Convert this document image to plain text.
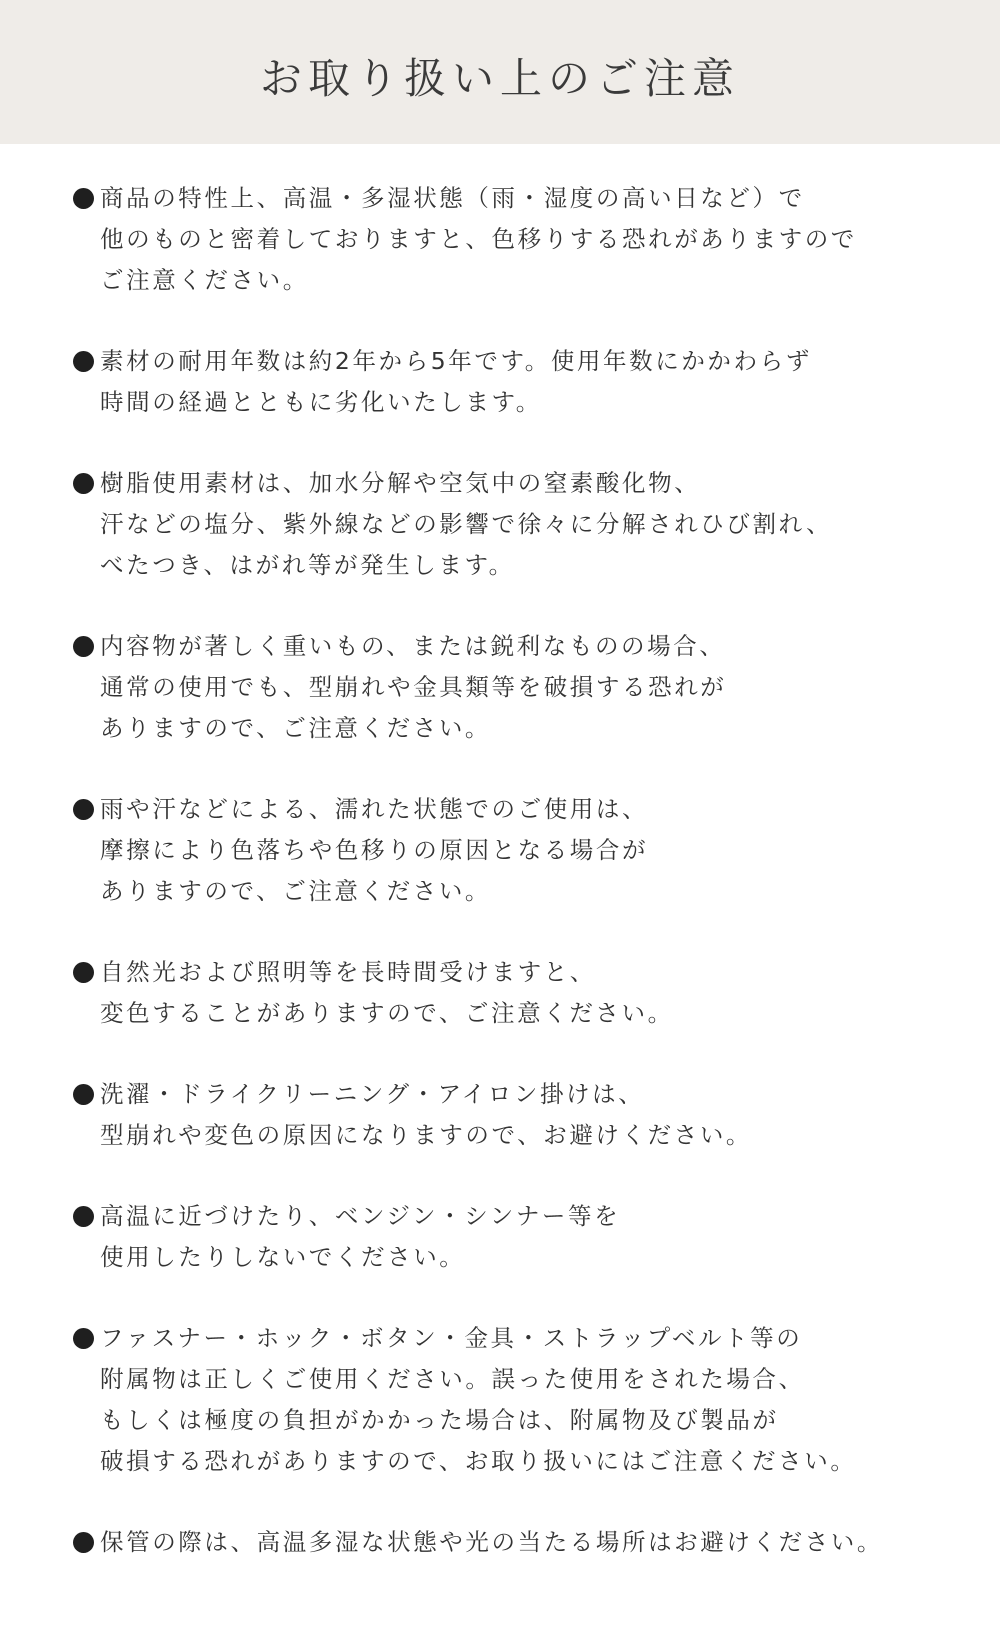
お取り扱い上のご注意
商品の特性上、高温・多湿状態（雨・湿度の高い日など）で
他のものと密着しておりますと、色移りする恐れがありますので
ご注意ください。
素材の耐用年数は約2年から5年です。使用年数にかかわらず
時間の経過とともに劣化いたします。
樹脂使用素材は、加水分解や空気中の窒素酸化物、
汗などの塩分、紫外線などの影響で徐々に分解されひび割れ、
べたつき、はがれ等が発生します。
内容物が著しく重いもの、または鋭利なものの場合、
通常の使用でも、型崩れや金具類等を破損する恐れが
ありますので、ご注意ください。
雨や汗などによる、濡れた状態でのご使用は、
摩擦により色落ちや色移りの原因となる場合が
ありますので、ご注意ください。
自然光および照明等を長時間受けますと、
変色することがありますので、ご注意ください。
洗濯・ドライクリーニング・アイロン掛けは、
型崩れや変色の原因になりますので、お避けください。
高温に近づけたり、ベンジン・シンナー等を
使用したりしないでください。
ファスナー・ホック・ボタン・金具・ストラップベルト等の
附属物は正しくご使用ください。誤った使用をされた場合、
もしくは極度の負担がかかった場合は、附属物及び製品が
破損する恐れがありますので、お取り扱いにはご注意ください。
保管の際は、高温多湿な状態や光の当たる場所はお避けください。
